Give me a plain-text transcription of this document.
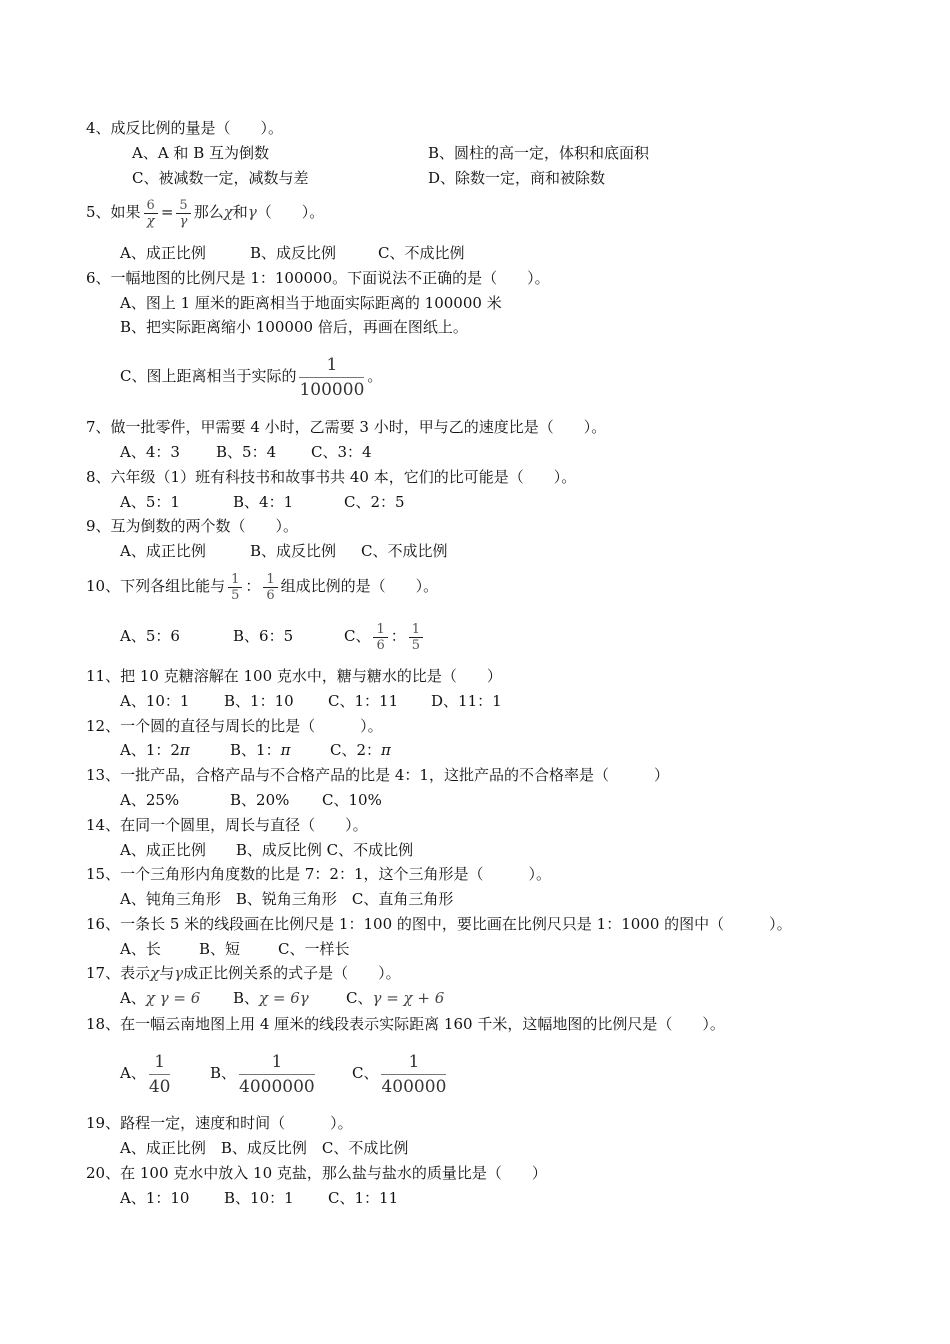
4、成反比例的量是（　　）。
A、A 和 B 互为倒数	B、圆柱的高一定，体积和底面积
C、被减数一定，减数与差	D、除数一定，商和被除数
5、如果 $\frac{6}{\chi} = \frac{5}{\gamma}$ 那么χ和γ（　　）。
A、成正比例	B、成反比例	C、不成比例
6、一幅地图的比例尺是 1：100000。下面说法不正确的是（　　）。
A、图上 1 厘米的距离相当于地面实际距离的 100000 米
B、把实际距离缩小 100000 倍后，再画在图纸上。
C、图上距离相当于实际的 $\frac{1}{100000}$ 。
7、做一批零件，甲需要 4 小时，乙需要 3 小时，甲与乙的速度比是（　　）。
A、4：3 B、5：4 C、3：4
8、六年级（1）班有科技书和故事书共 40 本，它们的比可能是（　　）。
A、5：1	B、4：1	C、2：5
9、互为倒数的两个数（　　）。
A、成正比例	B、成反比例 C、不成比例
10、下列各组比能与 $\frac{1}{5}$ ： $\frac{1}{6}$ 组成比例的是（　　）。
A、5：6	B、6：5	C、 $\frac{1}{6}$ ： $\frac{1}{5}$
11、把 10 克糖溶解在 100 克水中，糖与糖水的比是（　　）
A、10：1 B、1：10 C、1：11 D、11：1
12、一个圆的直径与周长的比是（　　　）。
A、1：2π	B、1：π	C、2：π
13、一批产品，合格产品与不合格产品的比是 4：1，这批产品的不合格率是（　　　）
A、25%	B、20% C、10%
14、在同一个圆里，周长与直径（　　）。
A、成正比例　　B、成反比例 C、不成比例
15、一个三角形内角度数的比是 7：2：1，这个三角形是（　　　）。
A、钝角三角形　B、锐角三角形　C、直角三角形
16、一条长 5 米的线段画在比例尺是 1：100 的图中，要比画在比例尺只是 1：1000 的图中（　　　）。
A、长	B、短	C、一样长
17、表示χ与γ成正比例关系的式子是（　　）。
A、χ γ = 6 B、χ = 6γ C、γ = χ + 6
18、在一幅云南地图上用 4 厘米的线段表示实际距离 160 千米，这幅地图的比例尺是（　　）。
A、 $\frac{1}{40}$	B、 $\frac{1}{4000000}$ C、 $\frac{1}{400000}$
19、路程一定，速度和时间（　　　）。
A、成正比例　B、成反比例　C、不成比例
20、在 100 克水中放入 10 克盐，那么盐与盐水的质量比是（　　）
A、1：10 B、10：1 C、1：11
